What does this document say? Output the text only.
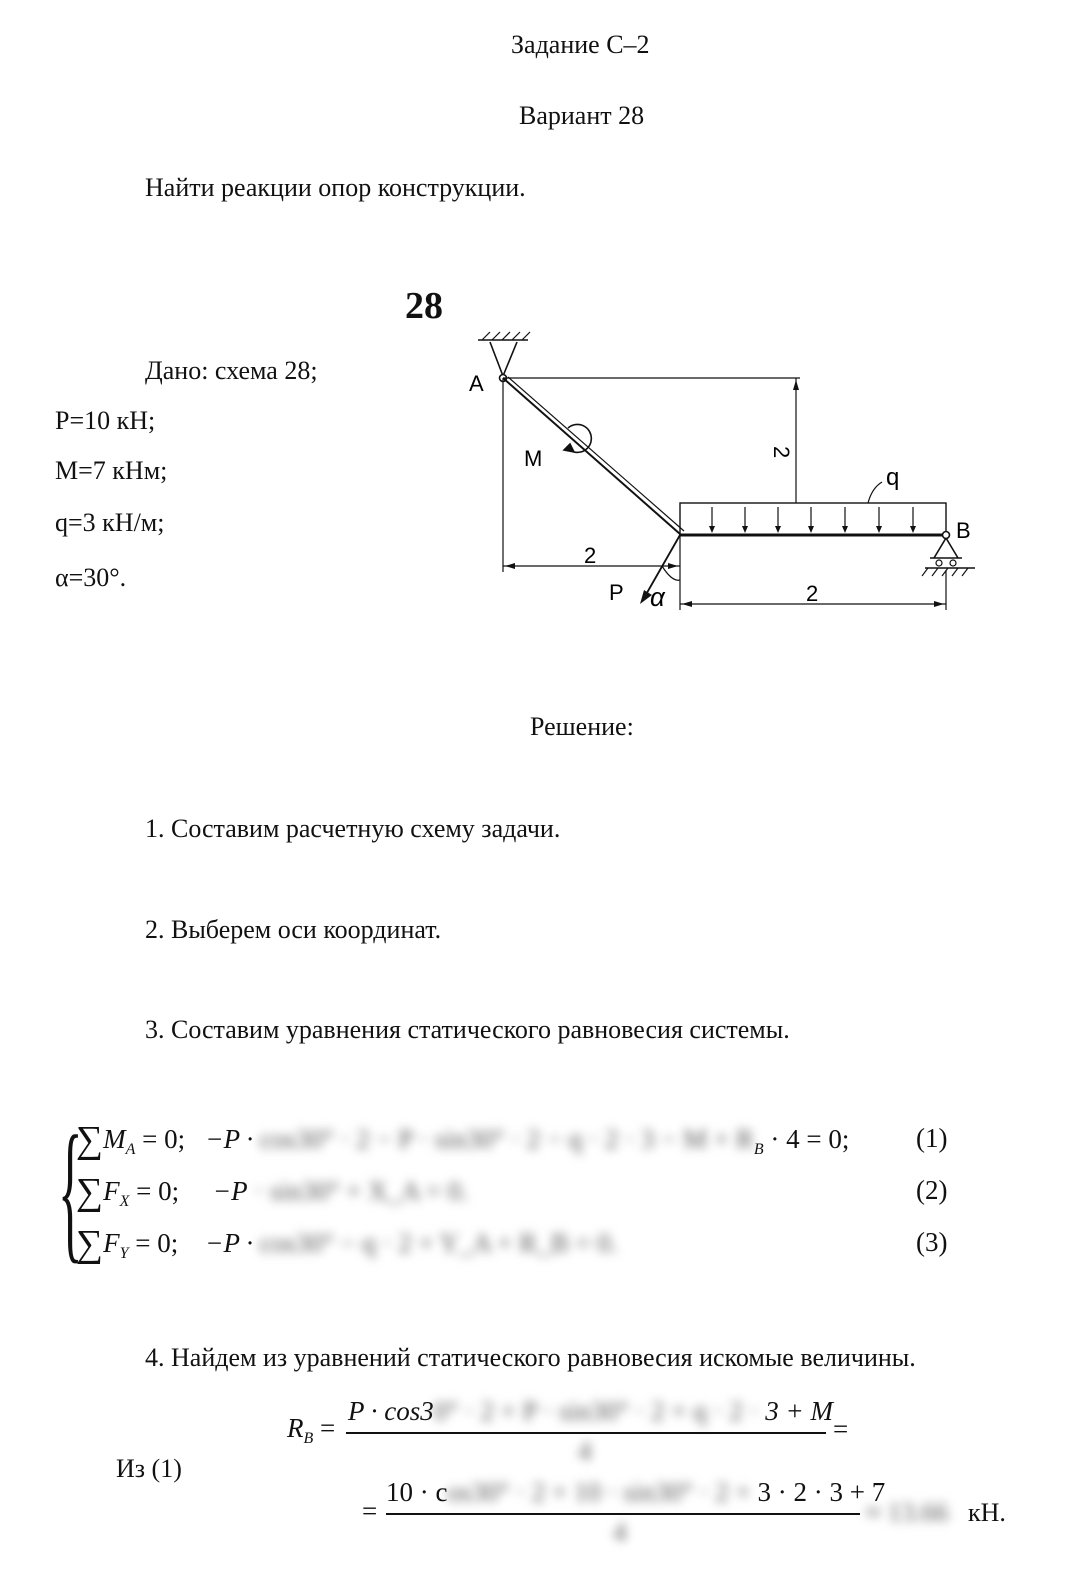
Задание С–2
Вариант 28
Найти реакции опор конструкции.
28
Дано: схема 28;
P=10 кН;
M=7 кНм;
q=3 кН/м;
α=30°.
A
B
M
q
P α
2
2
2
Решение:
1. Составим расчетную схему задачи.
2. Выберем оси координат.
3. Составим уравнения статического равновесия системы.
{
$\sum M_A = 0$; $-P \cdot \cos 30^\circ \cdot 2 - P \cdot \sin 30^\circ \cdot 2 - q \cdot 2 \cdot 3 - M + R_B \cdot 4 = 0$; (1)
$\sum F_X = 0$; −P · sin30° + X_A = 0.	(2)
$\sum F_Y = 0$; −P · cos30° − q · 2 + Y_A + R_B = 0.	(3)
4. Найдем из уравнений статического равновесия искомые величины.
Из (1)
$R_B$ =
P · cos30° · 2 + P · sin30° · 2 + q · 2 · 3 + M
4
=
=
10 · cos30° · 2 + 10 · sin30° · 2 + 3 · 2 · 3 + 7
4
≈ 13.66 кН.
